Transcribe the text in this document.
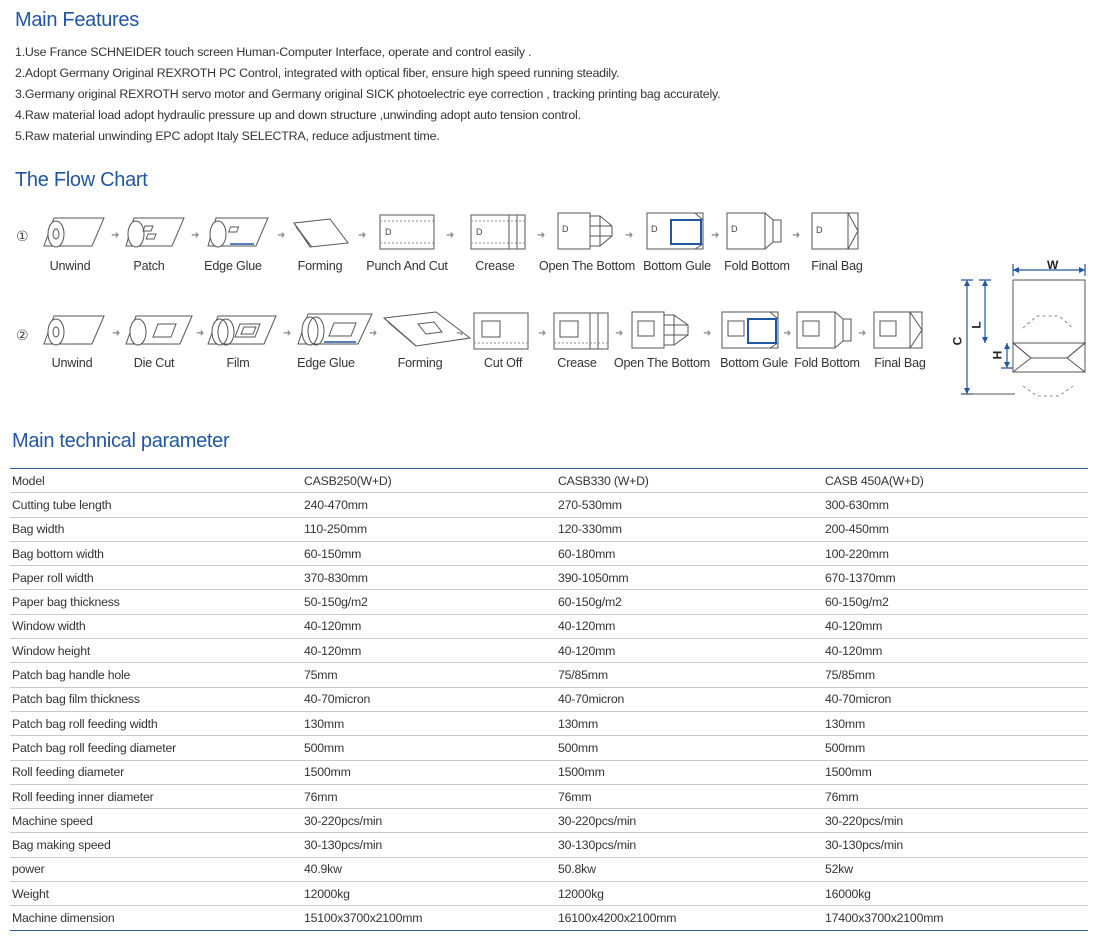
Main Features
1.Use France SCHNEIDER touch screen Human-Computer Interface, operate and control easily .
2.Adopt Germany Original REXROTH PC Control, integrated with optical fiber, ensure high speed running steadily.
3.Germany original REXROTH servo motor and Germany original SICK photoelectric eye correction , tracking printing bag accurately.
4.Raw material load adopt hydraulic pressure up and down structure ,unwinding adopt auto tension control.
5.Raw material unwinding EPC adopt Italy SELECTRA, reduce adjustment time.
The Flow Chart
①	D	D	D	D	D	D
➜	➜	➜	➜	➜	➜	➜	➜	➜
Unwind	Patch	Edge Glue	Forming Punch And Cut Crease Open The Bottom Bottom Gule Fold Bottom Final Bag
②	➜	➜	➜	➜	➜	➜	➜	➜	➜	➜
Unwind	Die Cut	Film	Edge Glue	Forming	Cut Off	Crease Open The Bottom Bottom Gule Fold Bottom Final Bag
W
C
L
H
Main technical parameter
Model	CASB250(W+D)	CASB330 (W+D)	CASB 450A(W+D)
Cutting tube length	240-470mm	270-530mm	300-630mm
Bag width	110-250mm	120-330mm	200-450mm
Bag bottom width	60-150mm	60-180mm	100-220mm
Paper roll width	370-830mm	390-1050mm	670-1370mm
Paper bag thickness	50-150g/m2	60-150g/m2	60-150g/m2
Window width	40-120mm	40-120mm	40-120mm
Window height	40-120mm	40-120mm	40-120mm
Patch bag handle hole	75mm	75/85mm	75/85mm
Patch bag film thickness	40-70micron	40-70micron	40-70micron
Patch bag roll feeding width	130mm	130mm	130mm
Patch bag roll feeding diameter	500mm	500mm	500mm
Roll feeding diameter	1500mm	1500mm	1500mm
Roll feeding inner diameter	76mm	76mm	76mm
Machine speed	30-220pcs/min	30-220pcs/min	30-220pcs/min
Bag making speed	30-130pcs/min	30-130pcs/min	30-130pcs/min
power	40.9kw	50.8kw	52kw
Weight	12000kg	12000kg	16000kg
Machine dimension	15100x3700x2100mm	16100x4200x2100mm	17400x3700x2100mm
